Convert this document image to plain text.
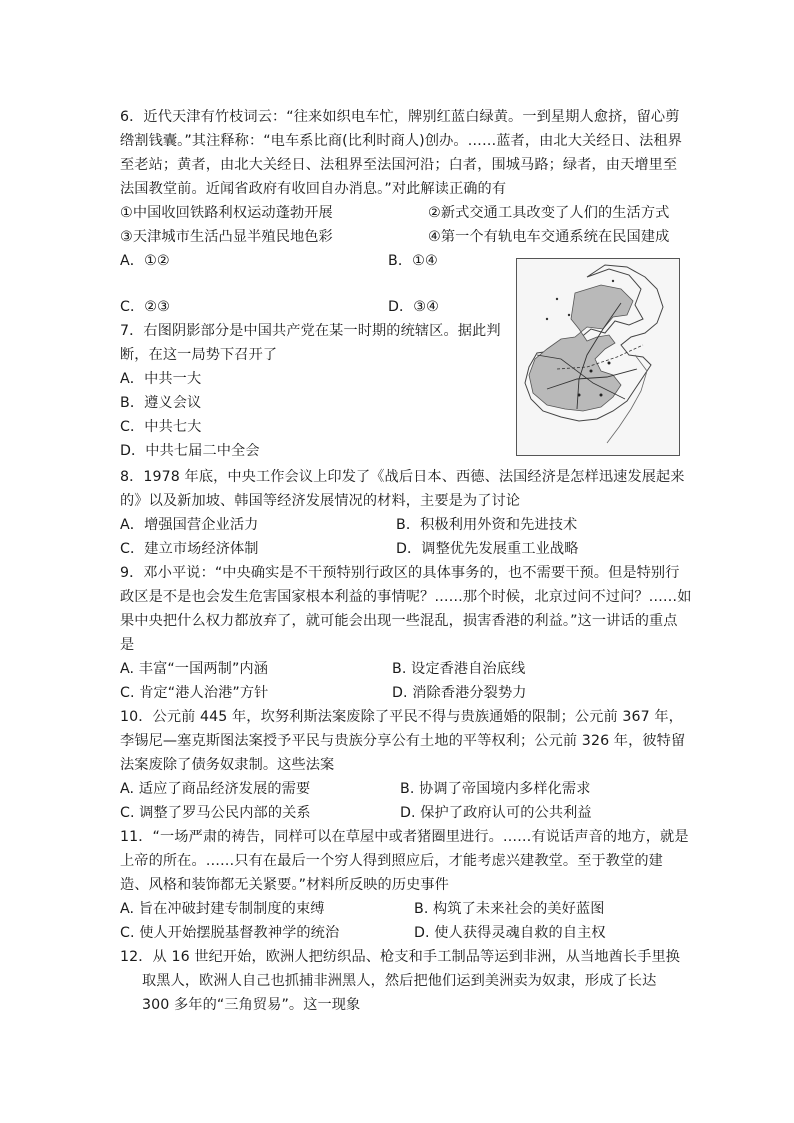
6．近代天津有竹枝词云：“往来如织电车忙，牌别红蓝白绿黄。一到星期人愈挤，留心剪
绺割钱囊。”其注释称：“电车系比商(比利时商人)创办。……蓝者，由北大关经日、法租界
至老站；黄者，由北大关经日、法租界至法国河沿；白者，围城马路；绿者，由天增里至
法国教堂前。近闻省政府有收回自办消息。”对此解读正确的有
①中国收回铁路利权运动蓬勃开展	②新式交通工具改变了人们的生活方式
③天津城市生活凸显半殖民地色彩	④第一个有轨电车交通系统在民国建成
A．①②	B．①④
C．②③	D．③④
7．右图阴影部分是中国共产党在某一时期的统辖区。据此判
断，在这一局势下召开了
A．中共一大
B．遵义会议
C．中共七大
D．中共七届二中全会
8．1978 年底，中央工作会议上印发了《战后日本、西德、法国经济是怎样迅速发展起来
的》以及新加坡、韩国等经济发展情况的材料，主要是为了讨论
A．增强国营企业活力	B．积极利用外资和先进技术
C．建立市场经济体制	D．调整优先发展重工业战略
9．邓小平说：“中央确实是不干预特别行政区的具体事务的，也不需要干预。但是特别行
政区是不是也会发生危害国家根本利益的事情呢？……那个时候，北京过问不过问？……如
果中央把什么权力都放弃了，就可能会出现一些混乱，损害香港的利益。”这一讲话的重点
是
A. 丰富“一国两制”内涵	B. 设定香港自治底线
C. 肯定“港人治港”方针	D. 消除香港分裂势力
10．公元前 445 年，坎努利斯法案废除了平民不得与贵族通婚的限制；公元前 367 年，
李锡尼—塞克斯图法案授予平民与贵族分享公有土地的平等权利；公元前 326 年，彼特留
法案废除了债务奴隶制。这些法案
A. 适应了商品经济发展的需要	B. 协调了帝国境内多样化需求
C. 调整了罗马公民内部的关系	D. 保护了政府认可的公共利益
11．“一场严肃的祷告，同样可以在草屋中或者猪圈里进行。……有说话声音的地方，就是
上帝的所在。……只有在最后一个穷人得到照应后，才能考虑兴建教堂。至于教堂的建
造、风格和装饰都无关紧要。”材料所反映的历史事件
A. 旨在冲破封建专制制度的束缚	B. 构筑了未来社会的美好蓝图
C. 使人开始摆脱基督教神学的统治	D. 使人获得灵魂自救的自主权
12．从 16 世纪开始，欧洲人把纺织品、枪支和手工制品等运到非洲，从当地酋长手里换
取黑人，欧洲人自己也抓捕非洲黑人，然后把他们运到美洲卖为奴隶，形成了长达
300 多年的“三角贸易”。这一现象
